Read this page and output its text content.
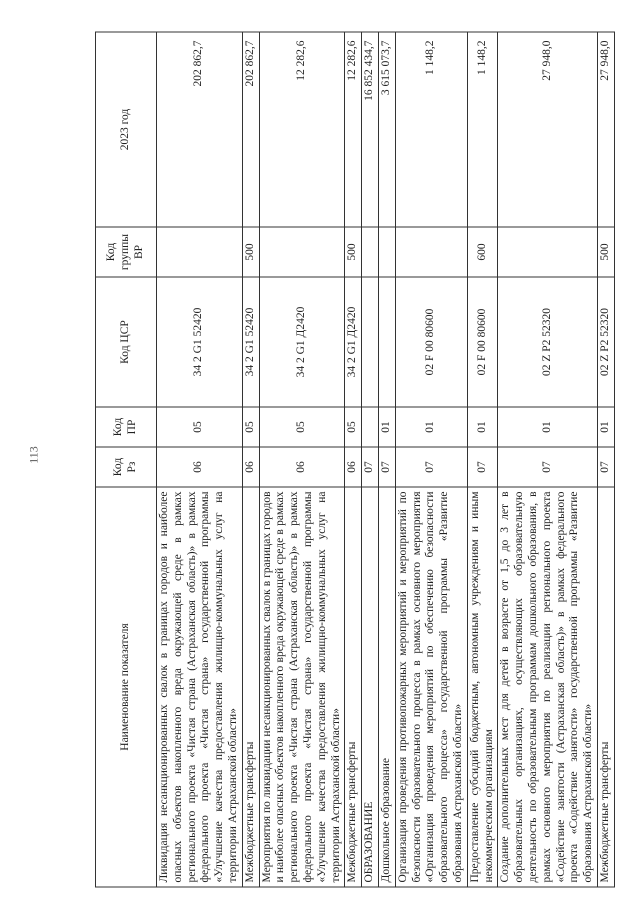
113
Наименование показателя	Код Рз	Код ПР	Код ЦСР	Код группы ВР	2023 год
Ликвидация несанкционированных свалок в границах городов и наиболее опасных объектов накопленного вреда окружающей среде в рамках регионального проекта «Чистая страна (Астраханская область)» в рамках федерального проекта «Чистая страна» государственной программы «Улучшение качества предоставления жилищно-коммунальных услуг на территории Астраханской области»	06	05	34 2 G1 52420		202 862,7
Межбюджетные трансферты	06	05	34 2 G1 52420	500	202 862,7
Мероприятия по ликвидации несанкционированных свалок в границах городов и наиболее опасных объектов накопленного вреда окружающей среде в рамках регионального проекта «Чистая страна (Астраханская область)» в рамках федерального проекта «Чистая страна» государственной программы «Улучшение качества предоставления жилищно-коммунальных услуг на территории Астраханской области»	06	05	34 2 G1 Д2420		12 282,6
Межбюджетные трансферты	06	05	34 2 G1 Д2420	500	12 282,6
ОБРАЗОВАНИЕ	07				16 852 434,7
Дошкольное образование	07	01			3 615 073,7
Организация проведения противопожарных мероприятий и мероприятий по безопасности образовательного процесса в рамках основного мероприятия «Организация проведения мероприятий по обеспечению безопасности образовательного процесса» государственной программы «Развитие образования Астраханской области»	07	01	02 F 00 80600		1 148,2
Предоставление субсидий бюджетным, автономным учреждениям и иным некоммерческим организациям	07	01	02 F 00 80600	600	1 148,2
Создание дополнительных мест для детей в возрасте от 1,5 до 3 лет в образовательных организациях, осуществляющих образовательную деятельность по образовательным программам дошкольного образования, в рамках основного мероприятия по реализации регионального проекта «Содействие занятости (Астраханская область)» в рамках федерального проекта «Содействие занятости» государственной программы «Развитие образования Астраханской области»	07	01	02 Z P2 52320		27 948,0
Межбюджетные трансферты	07	01	02 Z P2 52320	500	27 948,0
